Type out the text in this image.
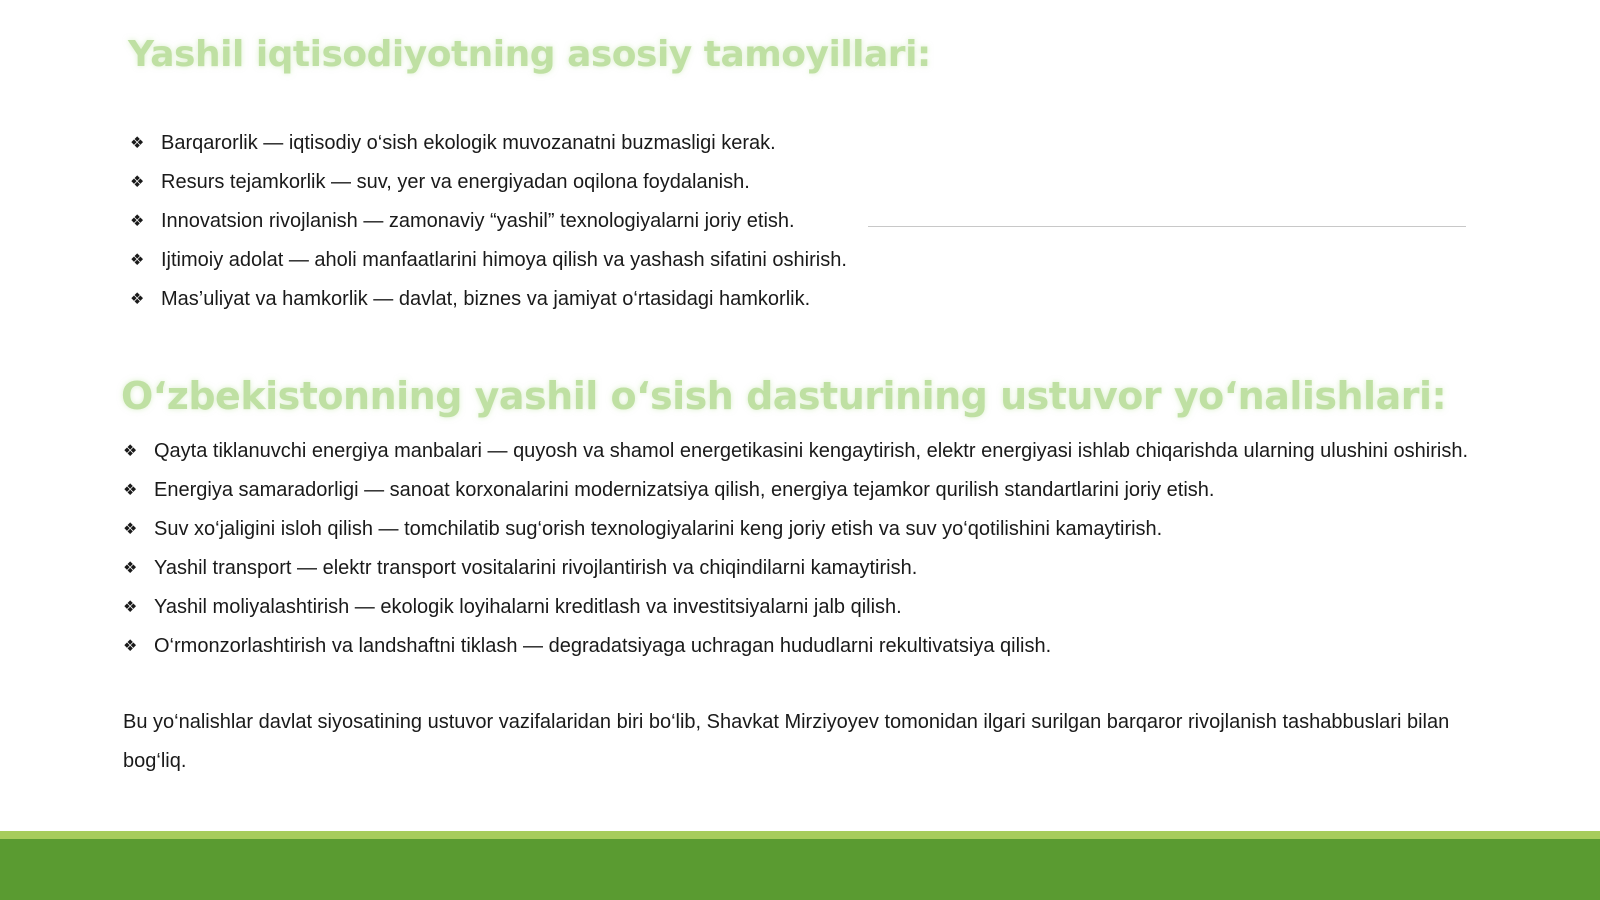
Yashil iqtisodiyotning asosiy tamoyillari:
❖ Barqarorlik — iqtisodiy o‘sish ekologik muvozanatni buzmasligi kerak.
❖ Resurs tejamkorlik — suv, yer va energiyadan oqilona foydalanish.
❖ Innovatsion rivojlanish — zamonaviy “yashil” texnologiyalarni joriy etish.
❖ Ijtimoiy adolat — aholi manfaatlarini himoya qilish va yashash sifatini oshirish.
❖ Mas’uliyat va hamkorlik — davlat, biznes va jamiyat o‘rtasidagi hamkorlik.
O‘zbekistonning yashil o‘sish dasturining ustuvor yo‘nalishlari:
❖ Qayta tiklanuvchi energiya manbalari — quyosh va shamol energetikasini kengaytirish, elektr energiyasi ishlab chiqarishda ularning ulushini oshirish.
❖ Energiya samaradorligi — sanoat korxonalarini modernizatsiya qilish, energiya tejamkor qurilish standartlarini joriy etish.
❖ Suv xo‘jaligini isloh qilish — tomchilatib sug‘orish texnologiyalarini keng joriy etish va suv yo‘qotilishini kamaytirish.
❖ Yashil transport — elektr transport vositalarini rivojlantirish va chiqindilarni kamaytirish.
❖ Yashil moliyalashtirish — ekologik loyihalarni kreditlash va investitsiyalarni jalb qilish.
❖ O‘rmonzorlashtirish va landshaftni tiklash — degradatsiyaga uchragan hududlarni rekultivatsiya qilish.

Bu yo‘nalishlar davlat siyosatining ustuvor vazifalaridan biri bo‘lib, Shavkat Mirziyoyev tomonidan ilgari surilgan barqaror rivojlanish tashabbuslari bilan bog‘liq.
